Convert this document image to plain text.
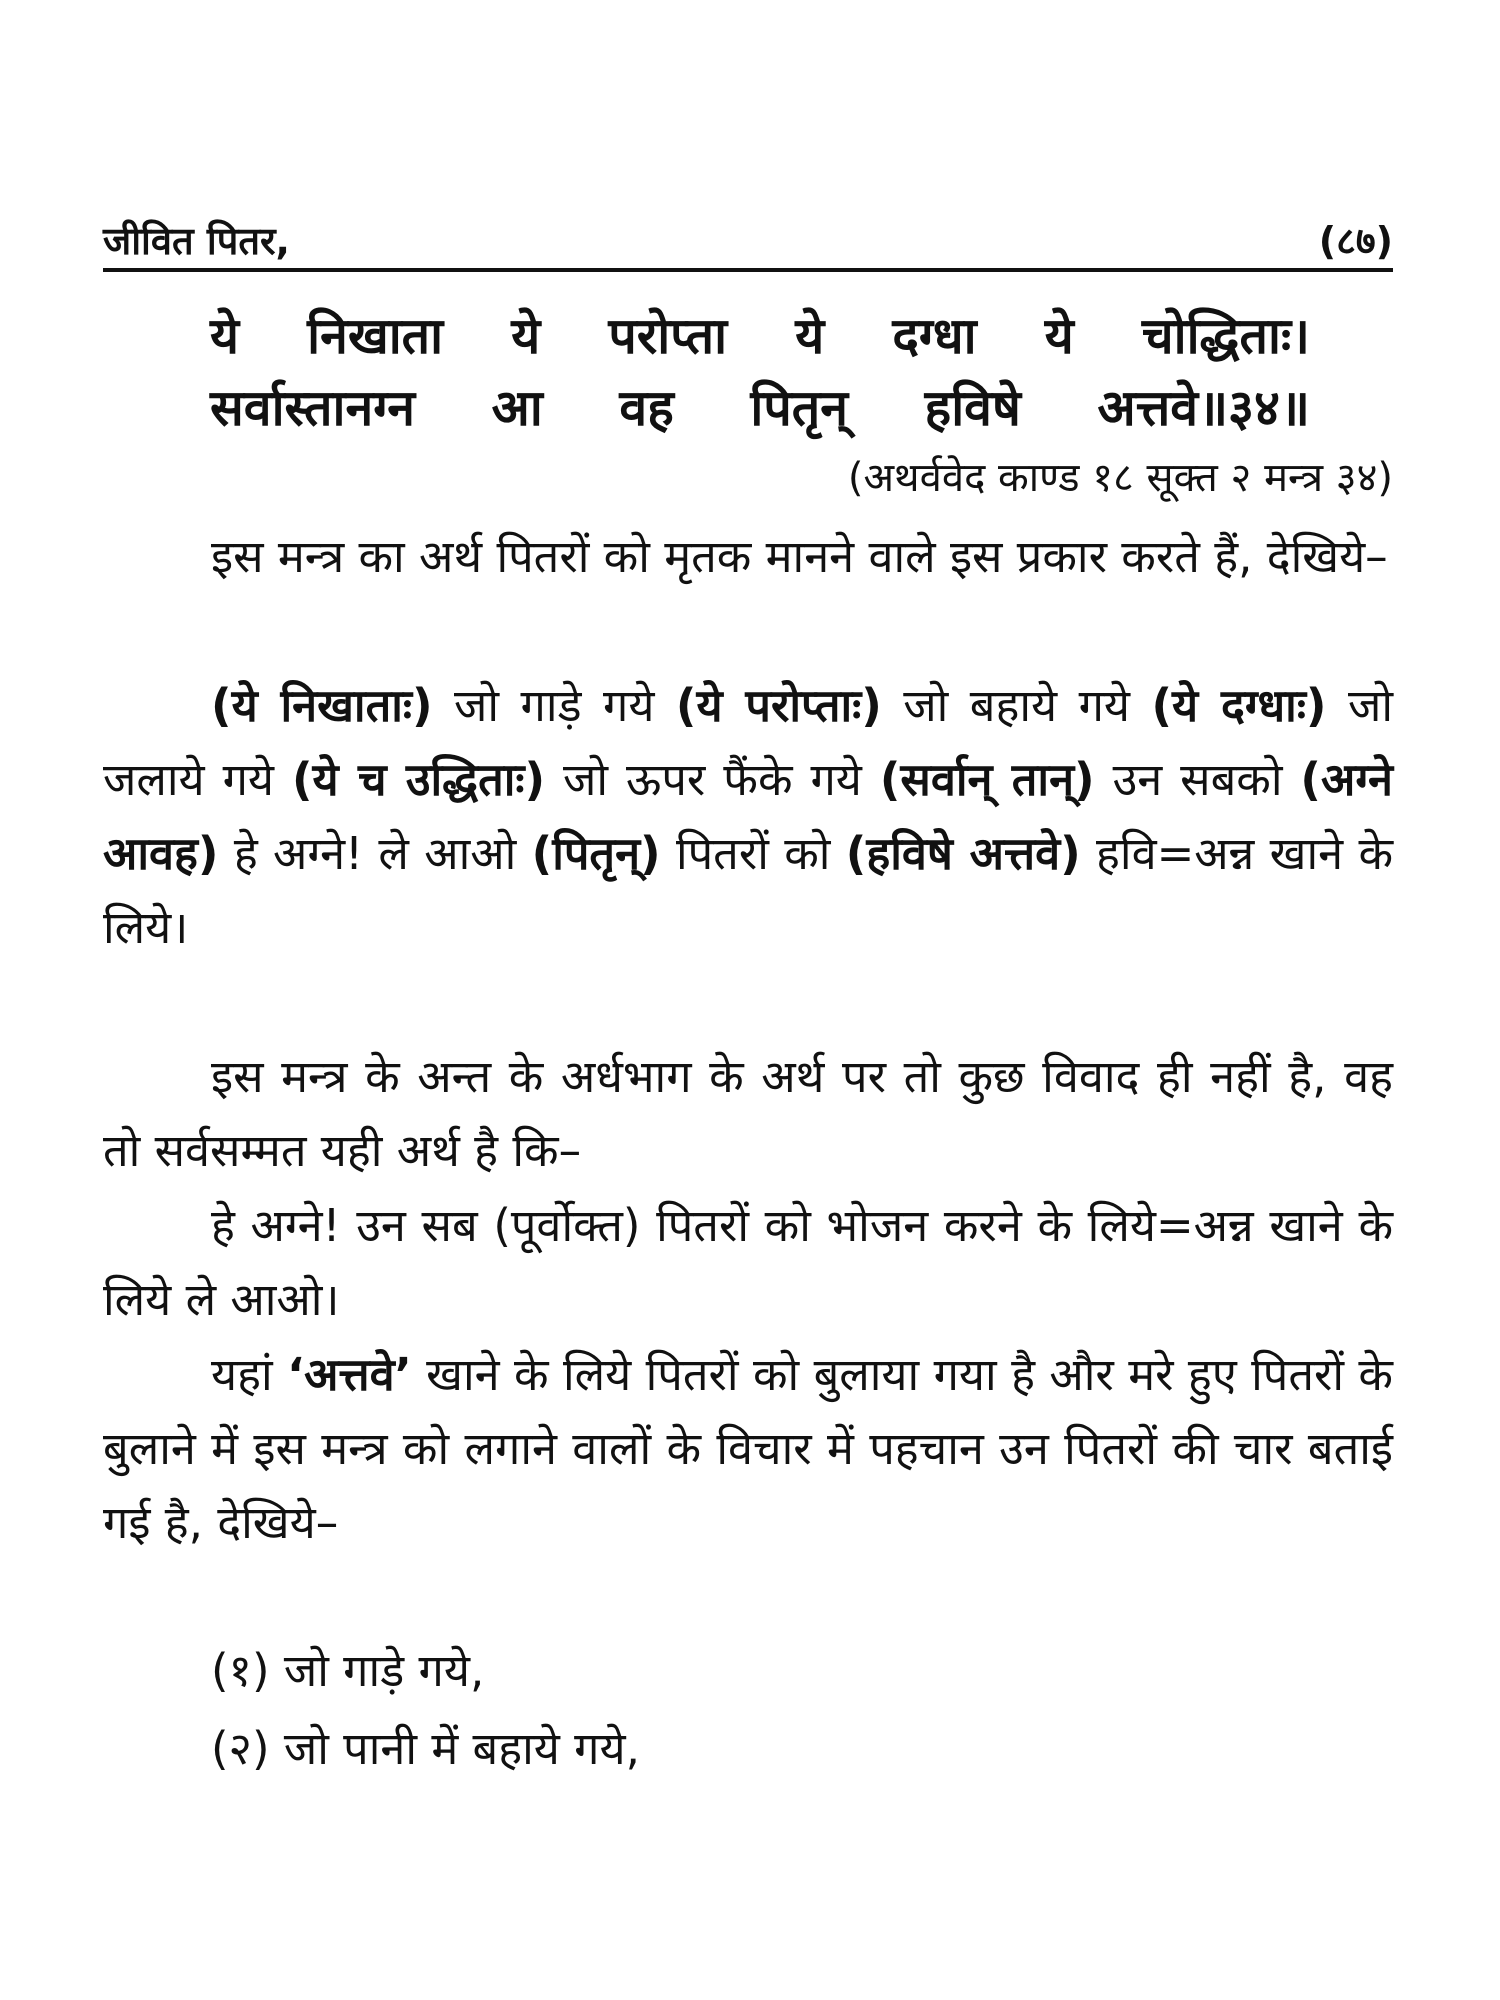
जीवित पितर,	(८७)
ये निखाता ये परोप्ता ये दग्धा ये चोद्धिताः।
सर्वास्तानग्न आ वह पितृन् हविषे अत्तवे॥३४॥
(अथर्ववेद काण्ड १८ सूक्त २ मन्त्र ३४)
इस मन्त्र का अर्थ पितरों को मृतक मानने वाले इस प्रकार करते हैं, देखिये–
(ये निखाताः) जो गाड़े गये (ये परोप्ताः) जो बहाये गये (ये दग्धाः) जो जलाये गये (ये च उद्धिताः) जो ऊपर फैंके गये (सर्वान् तान्) उन सबको (अग्ने आवह) हे अग्ने! ले आओ (पितृन्) पितरों को (हविषे अत्तवे) हवि=अन्न खाने के लिये।
इस मन्त्र के अन्त के अर्धभाग के अर्थ पर तो कुछ विवाद ही नहीं है, वह तो सर्वसम्मत यही अर्थ है कि–
हे अग्ने! उन सब (पूर्वोक्त) पितरों को भोजन करने के लिये=अन्न खाने के लिये ले आओ।
यहां ‘अत्तवे’ खाने के लिये पितरों को बुलाया गया है और मरे हुए पितरों के बुलाने में इस मन्त्र को लगाने वालों के विचार में पहचान उन पितरों की चार बताई गई है, देखिये–
(१) जो गाड़े गये,
(२) जो पानी में बहाये गये,
